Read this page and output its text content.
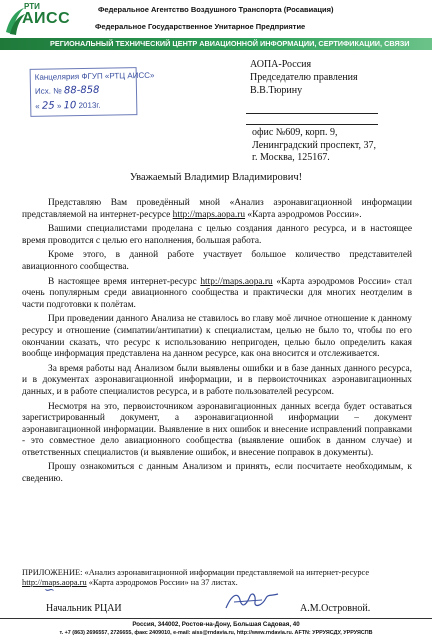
РТИ
АИСС
Федеральное Агентство Воздушного Транспорта (Росавиация)
Федеральное Государственное Унитарное Предприятие
РЕГИОНАЛЬНЫЙ ТЕХНИЧЕСКИЙ ЦЕНТР АВИАЦИОННОЙ ИНФОРМАЦИИ, СЕРТИФИКАЦИИ, СВЯЗИ
Канцелярия ФГУП «РТЦ АИСС»
Исх. № 88-858
« 25 » 10 2013г.
АОПА-Россия
Председателю правления
В.В.Тюрину
офис №609, корп. 9,
Ленинградский проспект, 37,
г. Москва, 125167.
Уважаемый Владимир Владимирович!

Представляю Вам проведённый мной «Анализ аэронавигационной информации представляемой на интернет-ресурсе http://maps.aopa.ru «Карта аэродромов России».

Вашими специалистами проделана с целью создания данного ресурса, и в настоящее время проводится с целью его наполнения, большая работа.

Кроме этого, в данной работе участвует большое количество представителей авиационного сообщества.

В настоящее время интернет-ресурс http://maps.aopa.ru «Карта аэродромов России» стал очень популярным среди авиационного сообщества и практически для многих неотделим в части подготовки к полётам.

При проведении данного Анализа не ставилось во главу моё личное отношение к данному ресурсу и отношение (симпатии/антипатии) к специалистам, целью не было то, чтобы по его окончании сказать, что ресурс к использованию непригоден, целью было определить какая вообще информация представлена на данном ресурсе, как она вносится и отслеживается.

За время работы над Анализом были выявлены ошибки и в базе данных данного ресурса, и в документах аэронавигационной информации, и в первоисточниках аэронавигационных данных, и в работе специалистов ресурса, и в работе пользователей ресурсом.

Несмотря на это, первоисточником аэронавигационных данных всегда будет оставаться зарегистрированный документ, а аэронавигационной информации – документ аэронавигационной информации. Выявление в них ошибок и внесение исправлений поправками - это совместное дело авиационного сообщества (выявление ошибок в данном случае) и ответственных специалистов (и выявление ошибок, и внесение поправок в документы).

Прошу ознакомиться с данным Анализом и принять, если посчитаете необходимым, к сведению.

ПРИЛОЖЕНИЕ: «Анализ аэронавигационной информации представляемой на интернет-ресурсе http://maps.aopa.ru «Карта аэродромов России» на 37 листах.
∽
Начальник РЦАИ	А.М.Островной.
Россия, 344002, Ростов-на-Дону, Большая Садовая, 40
т. +7 (863) 2696557, 2726655, факс 2409010, e-mail: aiss@rndavia.ru, http://www.rndavia.ru. AFTN: УРРУЯСДУ, УРРУЯСПВ
